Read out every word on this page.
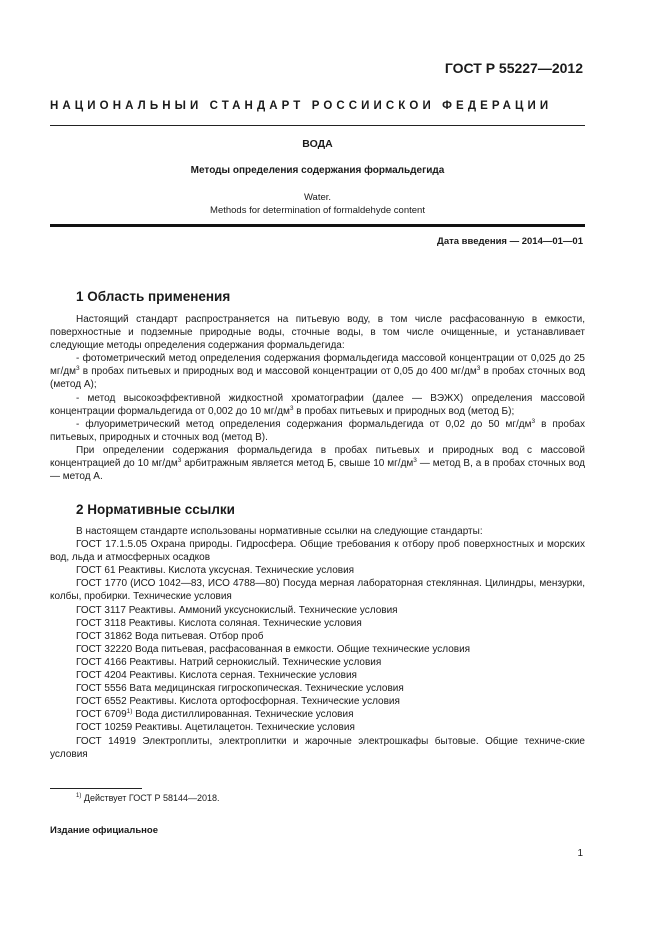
ГОСТ Р 55227—2012
НАЦИОНАЛЬНЫЙ СТАНДАРТ РОССИЙСКОЙ ФЕДЕРАЦИИ
ВОДА
Методы определения содержания формальдегида
Water.
Methods for determination of formaldehyde content
Дата введения — 2014—01—01
1 Область применения

Настоящий стандарт распространяется на питьевую воду, в том числе расфасованную в емкости, поверхностные и подземные природные воды, сточные воды, в том числе очищенные, и устанавливает следующие методы определения содержания формальдегида:

- фотометрический метод определения содержания формальдегида массовой концентрации от 0,025 до 25 $мг/дм^3$ в пробах питьевых и природных вод и массовой концентрации от 0,05 до 400 $мг/дм^3$ в пробах сточных вод (метод А);

- метод высокоэффективной жидкостной хроматографии (далее — ВЭЖХ) определения массовой концентрации формальдегида от 0,002 до 10 $мг/дм^3$ в пробах питьевых и природных вод (метод Б);

- флуориметрический метод определения содержания формальдегида от 0,02 до 50 $мг/дм^3$ в пробах питьевых, природных и сточных вод (метод В).

При определении содержания формальдегида в пробах питьевых и природных вод с массовой концентрацией до 10 $мг/дм^3$ арбитражным является метод Б, свыше 10 $мг/дм^3$ — метод В, а в пробах сточных вод — метод А.

2 Нормативные ссылки

В настоящем стандарте использованы нормативные ссылки на следующие стандарты:

ГОСТ 17.1.5.05 Охрана природы. Гидросфера. Общие требования к отбору проб поверхностных и морских вод, льда и атмосферных осадков

ГОСТ 61 Реактивы. Кислота уксусная. Технические условия

ГОСТ 1770 (ИСО 1042—83, ИСО 4788—80) Посуда мерная лабораторная стеклянная. Цилиндры, мензурки, колбы, пробирки. Технические условия

ГОСТ 3117 Реактивы. Аммоний уксуснокислый. Технические условия

ГОСТ 3118 Реактивы. Кислота соляная. Технические условия

ГОСТ 31862 Вода питьевая. Отбор проб

ГОСТ 32220 Вода питьевая, расфасованная в емкости. Общие технические условия

ГОСТ 4166 Реактивы. Натрий сернокислый. Технические условия

ГОСТ 4204 Реактивы. Кислота серная. Технические условия

ГОСТ 5556 Вата медицинская гигроскопическая. Технические условия

ГОСТ 6552 Реактивы. Кислота ортофосфорная. Технические условия

ГОСТ 6709$^{1)}$ Вода дистиллированная. Технические условия

ГОСТ 10259 Реактивы. Ацетилацетон. Технические условия

ГОСТ 14919 Электроплиты, электроплитки и жарочные электрошкафы бытовые. Общие техниче-ские условия

$^{1)}$ Действует ГОСТ Р 58144—2018.
Издание официальное
1
